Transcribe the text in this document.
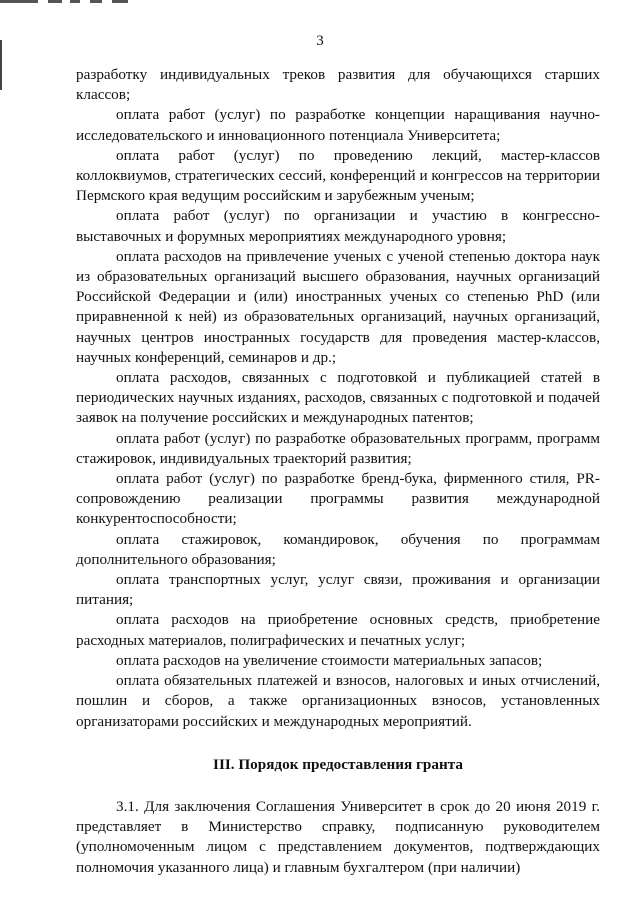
3

разработку индивидуальных треков развития для обучающихся старших классов;

оплата работ (услуг) по разработке концепции наращивания научно-исследовательского и инновационного потенциала Университета;

оплата работ (услуг) по проведению лекций, мастер-классов коллоквиумов, стратегических сессий, конференций и конгрессов на территории Пермского края ведущим российским и зарубежным ученым;

оплата работ (услуг) по организации и участию в конгрессно-выставочных и форумных мероприятиях международного уровня;

оплата расходов на привлечение ученых с ученой степенью доктора наук из образовательных организаций высшего образования, научных организаций Российской Федерации и (или) иностранных ученых со степенью PhD (или приравненной к ней) из образовательных организаций, научных организаций, научных центров иностранных государств для проведения мастер-классов, научных конференций, семинаров и др.;

оплата расходов, связанных с подготовкой и публикацией статей в периодических научных изданиях, расходов, связанных с подготовкой и подачей заявок на получение российских и международных патентов;

оплата работ (услуг) по разработке образовательных программ, программ стажировок, индивидуальных траекторий развития;

оплата работ (услуг) по разработке бренд-бука, фирменного стиля, PR-сопровождению реализации программы развития международной конкурентоспособности;

оплата стажировок, командировок, обучения по программам дополнительного образования;

оплата транспортных услуг, услуг связи, проживания и организации питания;

оплата расходов на приобретение основных средств, приобретение расходных материалов, полиграфических и печатных услуг;

оплата расходов на увеличение стоимости материальных запасов;

оплата обязательных платежей и взносов, налоговых и иных отчислений, пошлин и сборов, а также организационных взносов, установленных организаторами российских и международных мероприятий.

III. Порядок предоставления гранта

3.1. Для заключения Соглашения Университет в срок до 20 июня 2019 г. представляет в Министерство справку, подписанную руководителем (уполномоченным лицом с представлением документов, подтверждающих полномочия указанного лица) и главным бухгалтером (при наличии)
